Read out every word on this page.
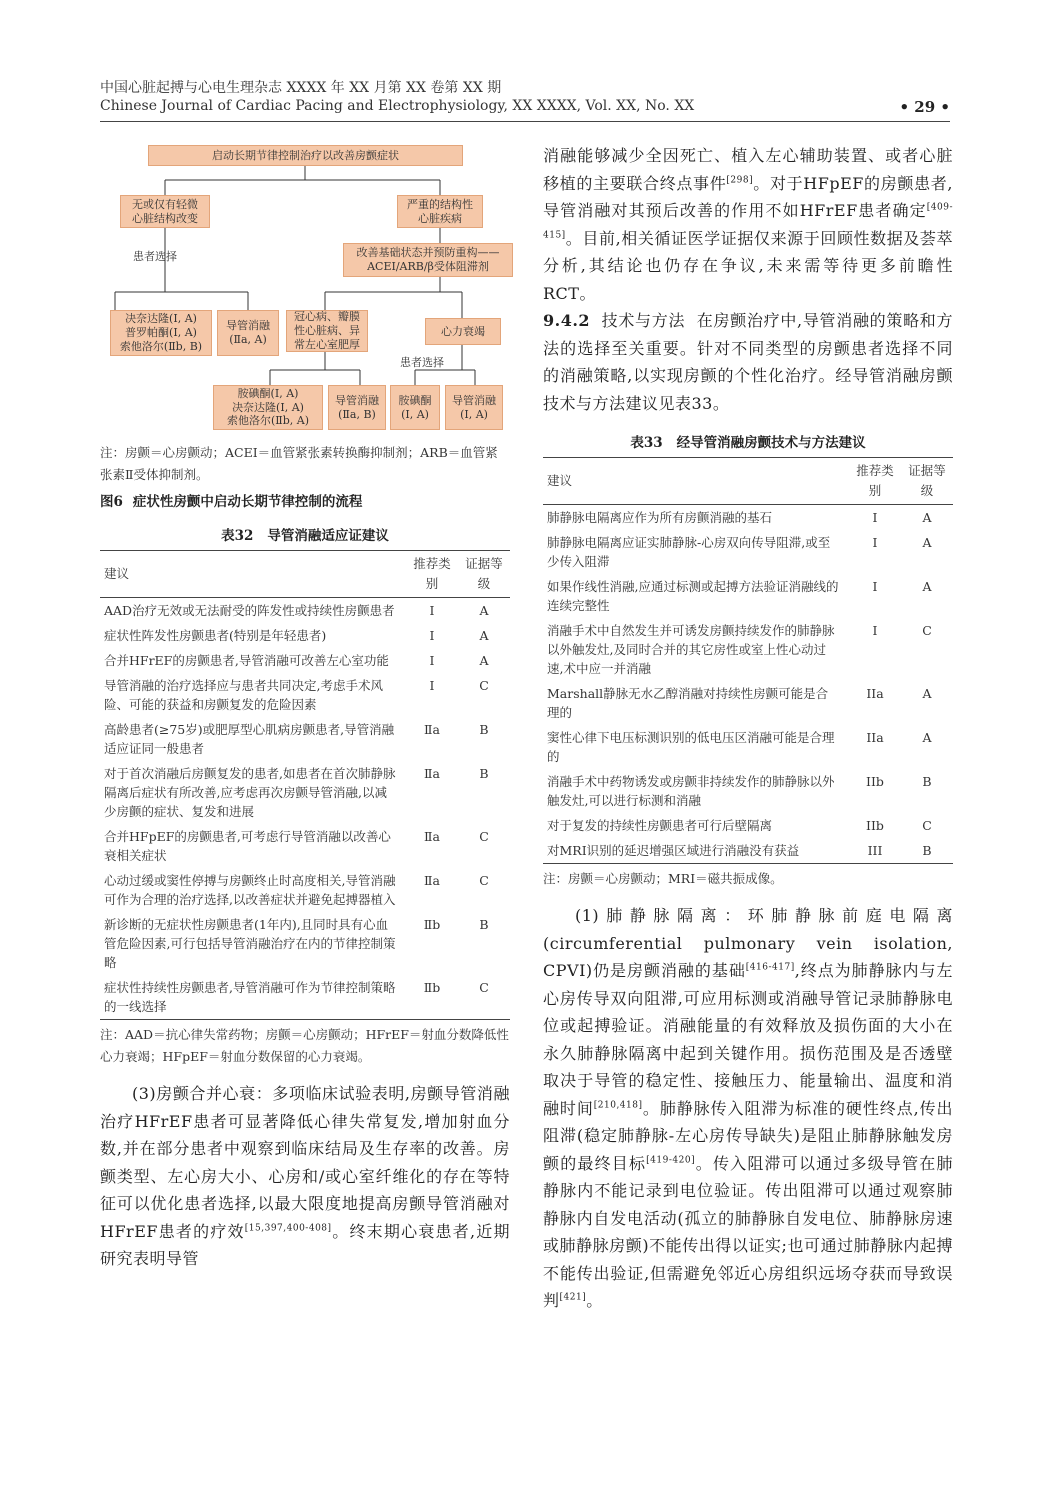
中国心脏起搏与心电生理杂志 XXXX 年 XX 月第 XX 卷第 XX 期
Chinese Journal of Cardiac Pacing and Electrophysiology, XX XXXX, Vol. XX, No. XX	• 29 •
启动长期节律控制治疗以改善房颤症状
无或仅有轻微
心脏结构改变
严重的结构性
心脏疾病
改善基础状态并预防重构——
ACEI/ARB/β受体阻滞剂
患者选择
决奈达隆(Ⅰ, A)
普罗帕酮(Ⅰ, A)
索他洛尔(Ⅱb, B)
导管消融
(Ⅱa, A)
冠心病、瓣膜
性心脏病、异
常左心室肥厚
心力衰竭
患者选择
胺碘酮(Ⅰ, A)
决奈达隆(Ⅰ, A)
索他洛尔(Ⅱb, A)
导管消融
(Ⅱa, B)
胺碘酮
(Ⅰ, A)
导管消融
(Ⅰ, A)
注：房颤＝心房颤动；ACEI＝血管紧张素转换酶抑制剂；ARB＝血管紧张素Ⅱ受体抑制剂。
图6 症状性房颤中启动长期节律控制的流程
表32 导管消融适应证建议
建议	推荐类别	证据等级
AAD治疗无效或无法耐受的阵发性或持续性房颤患者	Ⅰ	A
症状性阵发性房颤患者(特别是年轻患者)	Ⅰ	A
合并HFrEF的房颤患者,导管消融可改善左心室功能	Ⅰ	A
导管消融的治疗选择应与患者共同决定,考虑手术风险、可能的获益和房颤复发的危险因素	Ⅰ	C
高龄患者(≥75岁)或肥厚型心肌病房颤患者,导管消融适应证同一般患者	Ⅱa	B
对于首次消融后房颤复发的患者,如患者在首次肺静脉隔离后症状有所改善,应考虑再次房颤导管消融,以减少房颤的症状、复发和进展	Ⅱa	B
合并HFpEF的房颤患者,可考虑行导管消融以改善心衰相关症状	Ⅱa	C
心动过缓或窦性停搏与房颤终止时高度相关,导管消融可作为合理的治疗选择,以改善症状并避免起搏器植入	Ⅱa	C
新诊断的无症状性房颤患者(1年内),且同时具有心血管危险因素,可行包括导管消融治疗在内的节律控制策略	Ⅱb	B
症状性持续性房颤患者,导管消融可作为节律控制策略的一线选择	Ⅱb	C
注：AAD＝抗心律失常药物；房颤＝心房颤动；HFrEF＝射血分数降低性心力衰竭；HFpEF＝射血分数保留的心力衰竭。

(3)房颤合并心衰：多项临床试验表明,房颤导管消融治疗HFrEF患者可显著降低心律失常复发,增加射血分数,并在部分患者中观察到临床结局及生存率的改善。房颤类型、左心房大小、心房和/或心室纤维化的存在等特征可以优化患者选择,以最大限度地提高房颤导管消融对HFrEF患者的疗效[15,397,400-408]。终末期心衰患者,近期研究表明导管

消融能够减少全因死亡、植入左心辅助装置、或者心脏移植的主要联合终点事件[298]。对于HFpEF的房颤患者,导管消融对其预后改善的作用不如HFrEF患者确定[409-415]。目前,相关循证医学证据仅来源于回顾性数据及荟萃分析,其结论也仍存在争议,未来需等待更多前瞻性RCT。

9.4.2 技术与方法 在房颤治疗中,导管消融的策略和方法的选择至关重要。针对不同类型的房颤患者选择不同的消融策略,以实现房颤的个性化治疗。经导管消融房颤技术与方法建议见表33。

表33 经导管消融房颤技术与方法建议
建议	推荐类别	证据等级
肺静脉电隔离应作为所有房颤消融的基石	I	A
肺静脉电隔离应证实肺静脉-心房双向传导阻滞,或至少传入阻滞	I	A
如果作线性消融,应通过标测或起搏方法验证消融线的连续完整性	I	A
消融手术中自然发生并可诱发房颤持续发作的肺静脉以外触发灶,及同时合并的其它房性或室上性心动过速,术中应一并消融	I	C
Marshall静脉无水乙醇消融对持续性房颤可能是合理的	IIa	A
窦性心律下电压标测识别的低电压区消融可能是合理的	IIa	A
消融手术中药物诱发或房颤非持续发作的肺静脉以外触发灶,可以进行标测和消融	IIb	B
对于复发的持续性房颤患者可行后壁隔离	IIb	C
对MRI识别的延迟增强区域进行消融没有获益	III	B
注：房颤＝心房颤动；MRI＝磁共振成像。

(1)肺静脉隔离：环肺静脉前庭电隔离(circumferential pulmonary vein isolation, CPVI)仍是房颤消融的基础[416-417],终点为肺静脉内与左心房传导双向阻滞,可应用标测或消融导管记录肺静脉电位或起搏验证。消融能量的有效释放及损伤面的大小在永久肺静脉隔离中起到关键作用。损伤范围及是否透壁取决于导管的稳定性、接触压力、能量输出、温度和消融时间[210,418]。肺静脉传入阻滞为标准的硬性终点,传出阻滞(稳定肺静脉-左心房传导缺失)是阻止肺静脉触发房颤的最终目标[419-420]。传入阻滞可以通过多级导管在肺静脉内不能记录到电位验证。传出阻滞可以通过观察肺静脉内自发电活动(孤立的肺静脉自发电位、肺静脉房速或肺静脉房颤)不能传出得以证实;也可通过肺静脉内起搏不能传出验证,但需避免邻近心房组织远场夺获而导致误判[421]。
